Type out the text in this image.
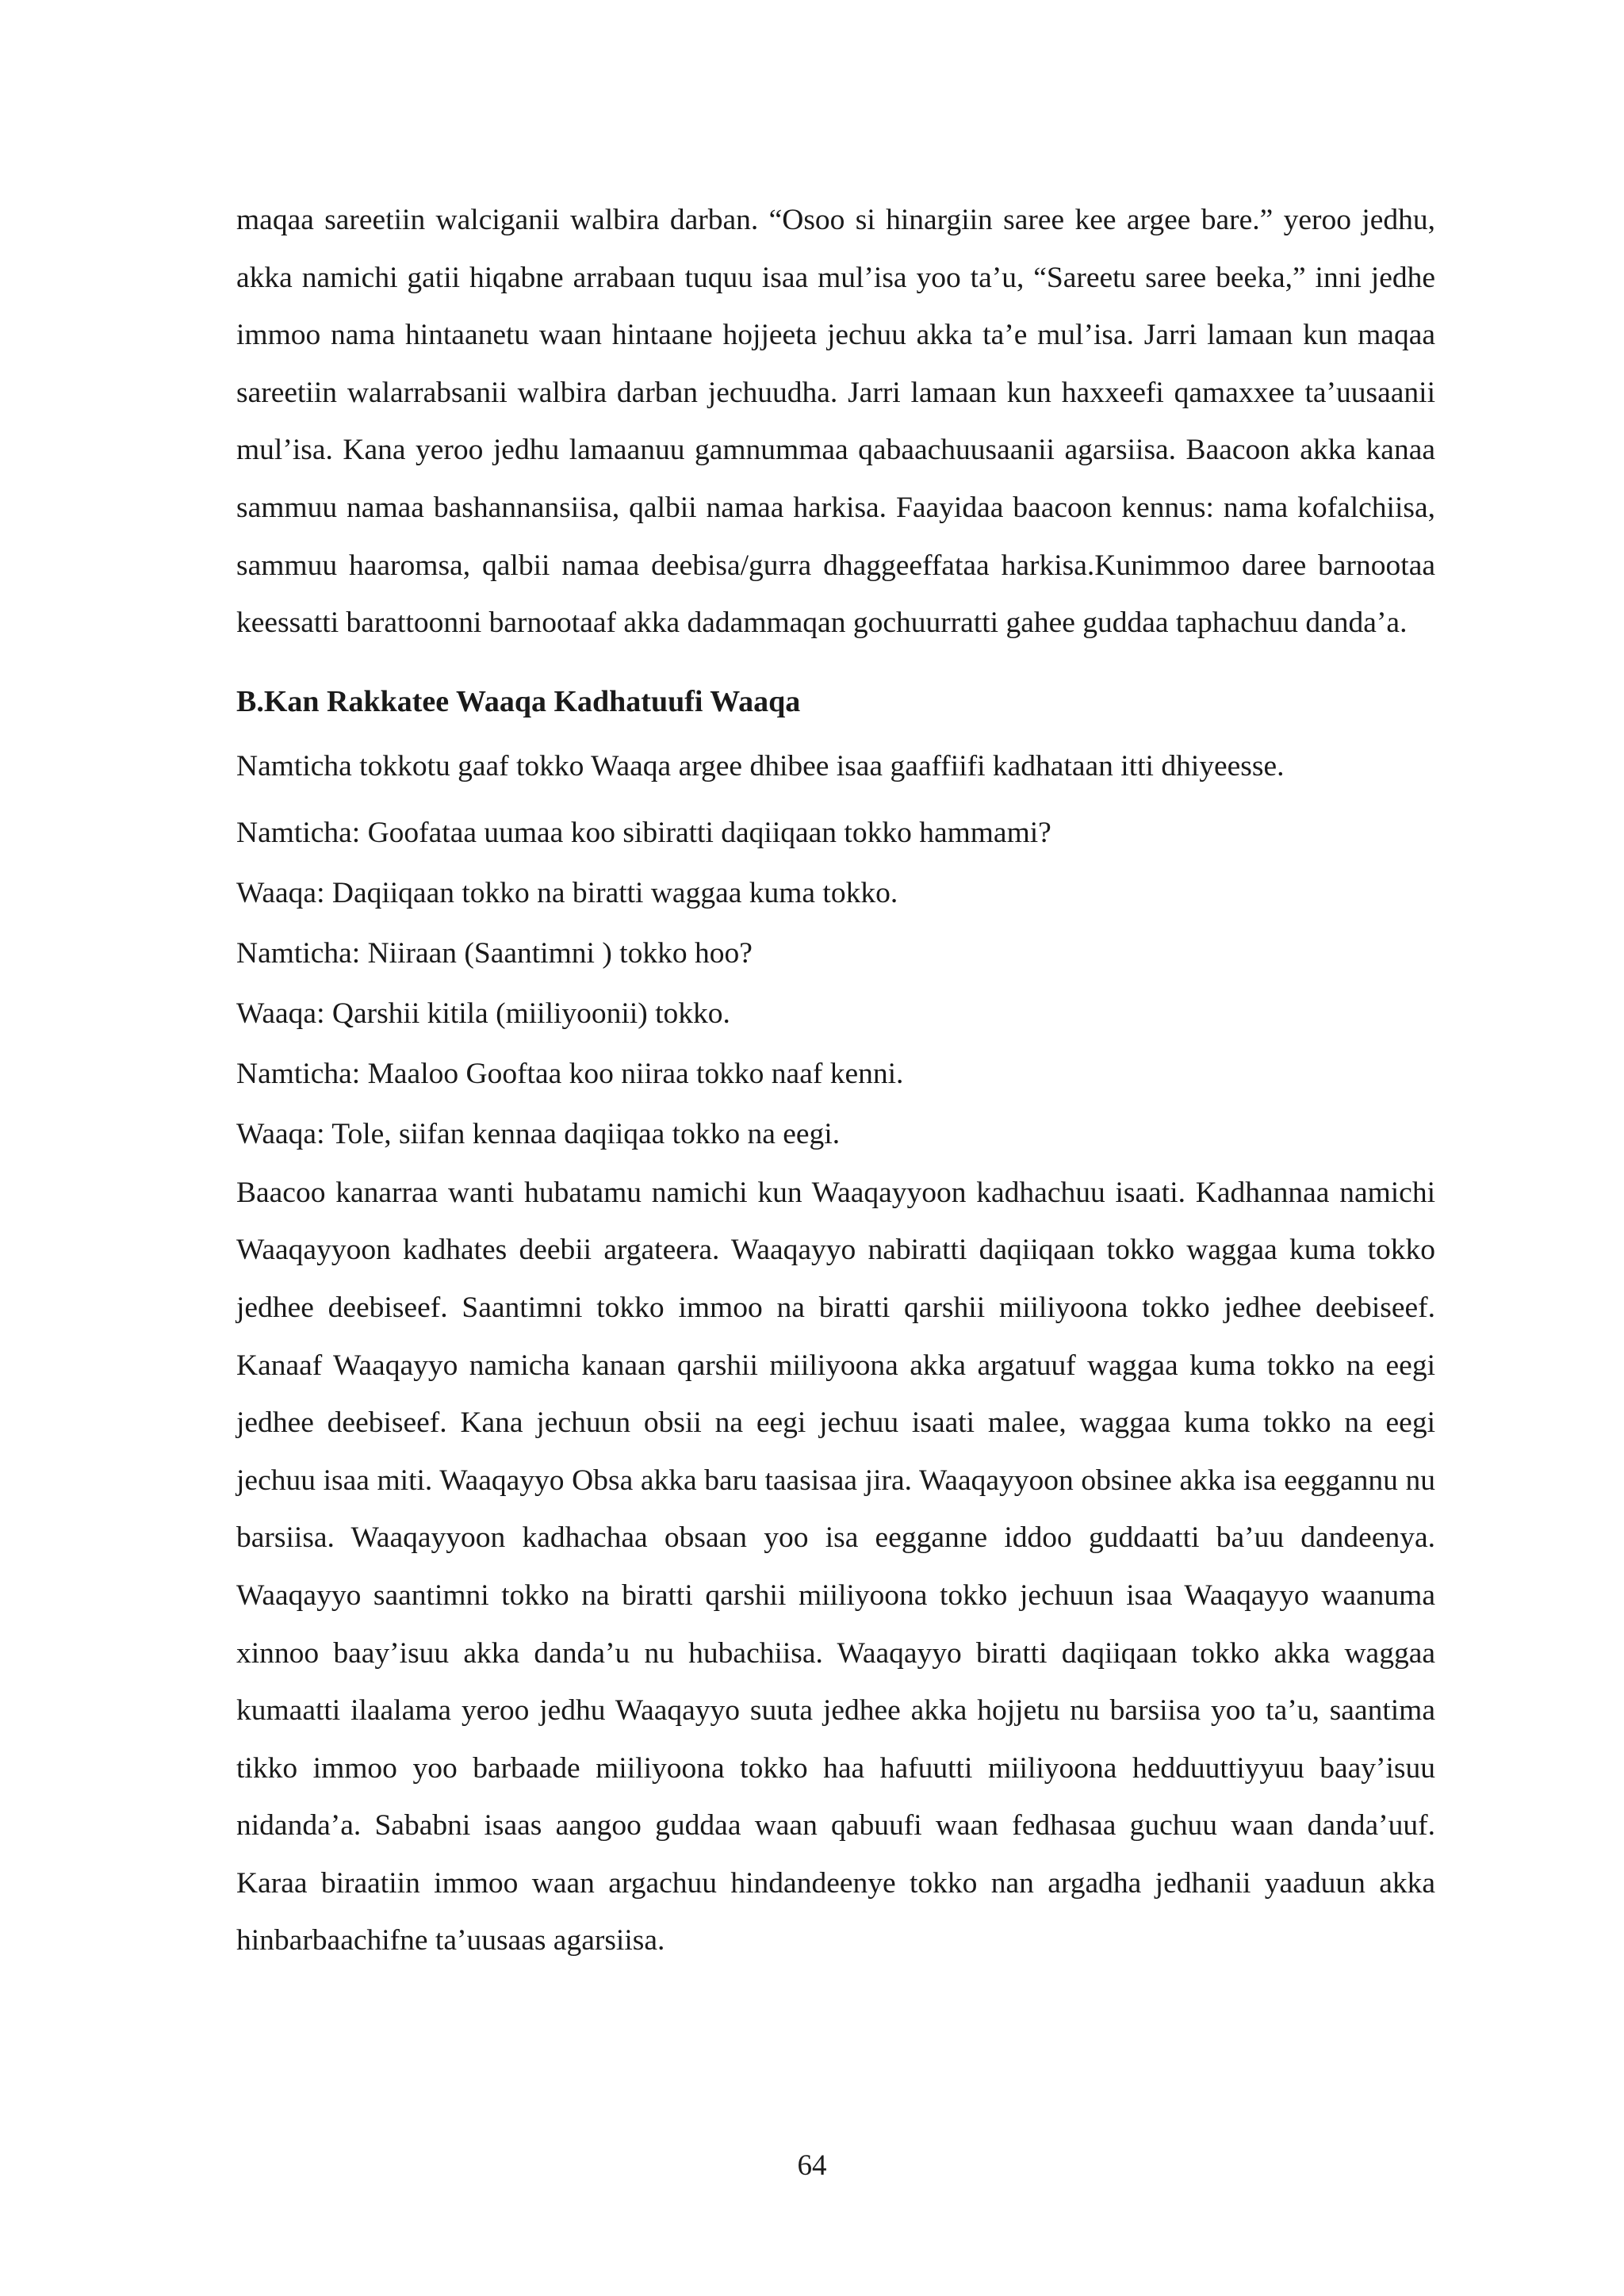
maqaa sareetiin walciganii walbira darban. “Osoo si hinargiin saree kee argee bare.” yeroo jedhu, akka namichi gatii hiqabne arrabaan tuquu isaa mul’isa yoo ta’u, “Sareetu saree beeka,” inni jedhe immoo nama hintaanetu waan hintaane hojjeeta jechuu akka ta’e mul’isa. Jarri lamaan kun maqaa sareetiin walarrabsanii walbira darban jechuudha. Jarri lamaan kun haxxeefi qamaxxee ta’uusaanii mul’isa. Kana yeroo jedhu lamaanuu gamnummaa qabaachuusaanii agarsiisa. Baacoon akka kanaa sammuu namaa bashannansiisa, qalbii namaa harkisa. Faayidaa baacoon kennus: nama kofalchiisa, sammuu haaromsa, qalbii namaa deebisa/gurra dhaggeeffataa harkisa.Kunimmoo daree barnootaa keessatti barattoonni barnootaaf akka dadammaqan gochuurratti gahee guddaa taphachuu danda’a.

B.Kan Rakkatee Waaqa Kadhatuufi Waaqa

Namticha tokkotu gaaf tokko Waaqa argee dhibee isaa gaaffiifi kadhataan itti dhiyeesse.

Namticha: Goofataa uumaa koo sibiratti daqiiqaan tokko hammami?
Waaqa: Daqiiqaan tokko na biratti waggaa kuma tokko.
Namticha: Niiraan (Saantimni ) tokko hoo?
Waaqa: Qarshii kitila (miiliyoonii) tokko.
Namticha: Maaloo Gooftaa koo niiraa tokko naaf kenni.
Waaqa: Tole, siifan kennaa daqiiqaa tokko na eegi.

Baacoo kanarraa wanti hubatamu namichi kun Waaqayyoon kadhachuu isaati. Kadhannaa namichi Waaqayyoon kadhates deebii argateera. Waaqayyo nabiratti daqiiqaan tokko waggaa kuma tokko jedhee deebiseef. Saantimni tokko immoo na biratti qarshii miiliyoona tokko jedhee deebiseef. Kanaaf Waaqayyo namicha kanaan qarshii miiliyoona akka argatuuf waggaa kuma tokko na eegi jedhee deebiseef. Kana jechuun obsii na eegi jechuu isaati malee, waggaa kuma tokko na eegi jechuu isaa miti. Waaqayyo Obsa akka baru taasisaa jira. Waaqayyoon obsinee akka isa eeggannu nu barsiisa. Waaqayyoon kadhachaa obsaan yoo isa eegganne iddoo guddaatti ba’uu dandeenya. Waaqayyo saantimni tokko na biratti qarshii miiliyoona tokko jechuun isaa Waaqayyo waanuma xinnoo baay’isuu akka danda’u nu hubachiisa. Waaqayyo biratti daqiiqaan tokko akka waggaa kumaatti ilaalama yeroo jedhu Waaqayyo suuta jedhee akka hojjetu nu barsiisa yoo ta’u, saantima tikko immoo yoo barbaade miiliyoona tokko haa hafuutti miiliyoona hedduuttiyyuu baay’isuu nidanda’a. Sababni isaas aangoo guddaa waan qabuufi waan fedhasaa guchuu waan danda’uuf. Karaa biraatiin immoo waan argachuu hindandeenye tokko nan argadha jedhanii yaaduun akka hinbarbaachifne ta’uusaas agarsiisa.

64
